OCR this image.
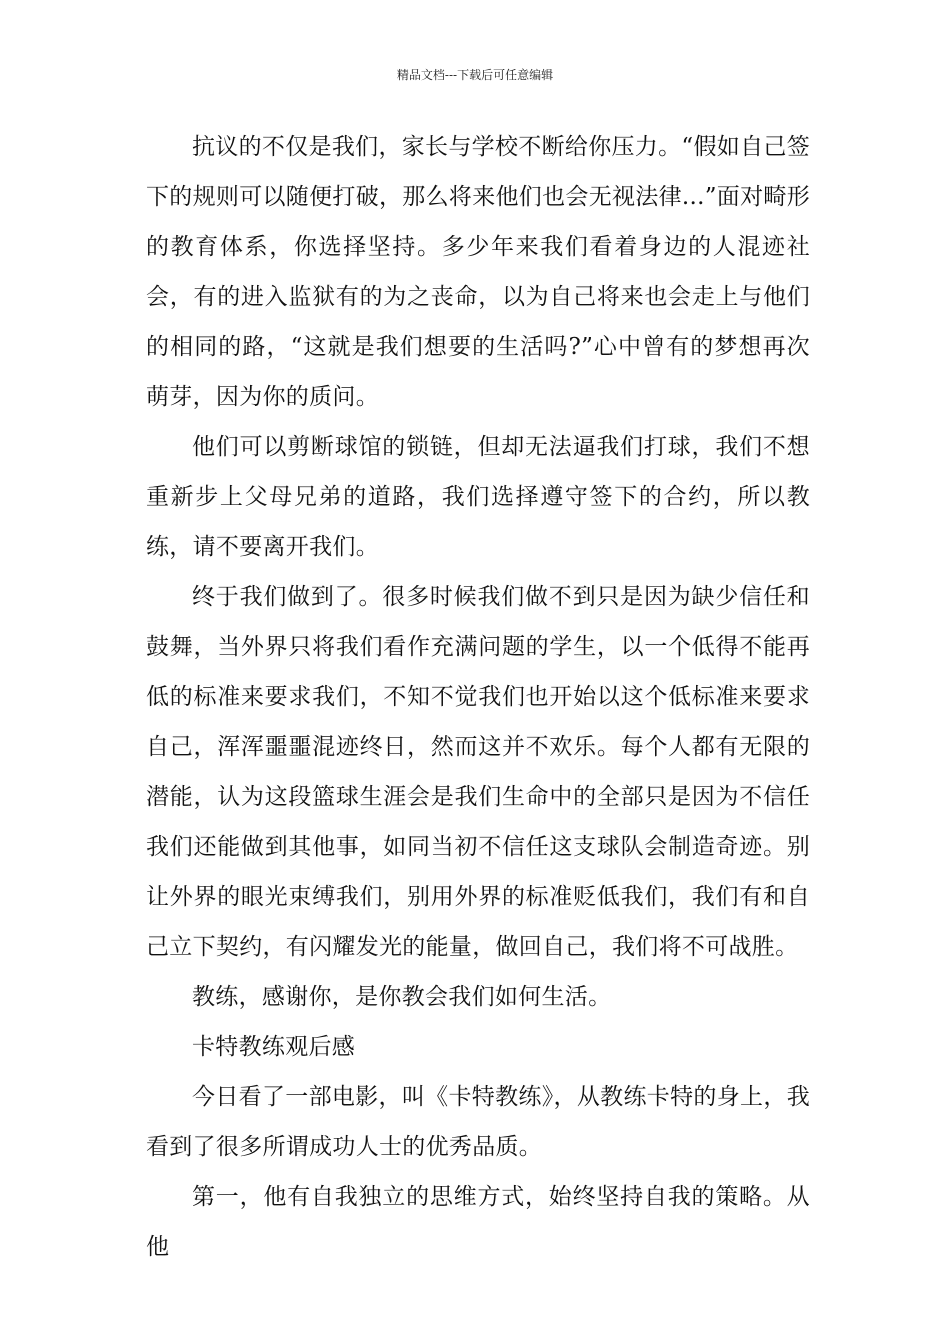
精品文档---下载后可任意编辑

抗议的不仅是我们，家长与学校不断给你压力。“假如自己签下的规则可以随便打破，那么将来他们也会无视法律...”面对畸形的教育体系，你选择坚持。多少年来我们看着身边的人混迹社会，有的进入监狱有的为之丧命，以为自己将来也会走上与他们的相同的路，“这就是我们想要的生活吗?”心中曾有的梦想再次萌芽，因为你的质问。

他们可以剪断球馆的锁链，但却无法逼我们打球，我们不想重新步上父母兄弟的道路，我们选择遵守签下的合约，所以教练，请不要离开我们。

终于我们做到了。很多时候我们做不到只是因为缺少信任和鼓舞，当外界只将我们看作充满问题的学生，以一个低得不能再低的标准来要求我们，不知不觉我们也开始以这个低标准来要求自己，浑浑噩噩混迹终日，然而这并不欢乐。每个人都有无限的潜能，认为这段篮球生涯会是我们生命中的全部只是因为不信任我们还能做到其他事，如同当初不信任这支球队会制造奇迹。别让外界的眼光束缚我们，别用外界的标准贬低我们，我们有和自己立下契约，有闪耀发光的能量，做回自己，我们将不可战胜。

教练，感谢你，是你教会我们如何生活。

卡特教练观后感

今日看了一部电影，叫《卡特教练》，从教练卡特的身上，我看到了很多所谓成功人士的优秀品质。

第一，他有自我独立的思维方式，始终坚持自我的策略。从他
